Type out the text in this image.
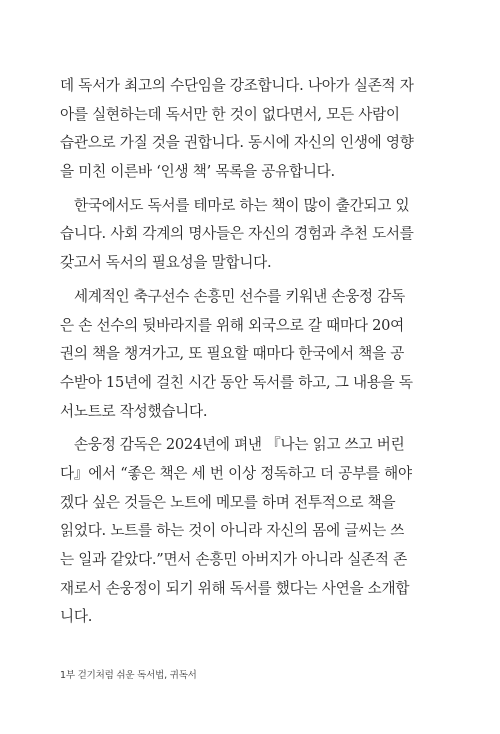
데 독서가 최고의 수단임을 강조합니다. 나아가 실존적 자
아를 실현하는데 독서만 한 것이 없다면서, 모든 사람이
습관으로 가질 것을 권합니다. 동시에 자신의 인생에 영향
을 미친 이른바 ‘인생 책’ 목록을 공유합니다.

한국에서도 독서를 테마로 하는 책이 많이 출간되고 있
습니다. 사회 각계의 명사들은 자신의 경험과 추천 도서를
갖고서 독서의 필요성을 말합니다.

세계적인 축구선수 손흥민 선수를 키워낸 손웅정 감독
은 손 선수의 뒷바라지를 위해 외국으로 갈 때마다 20여
권의 책을 챙겨가고, 또 필요할 때마다 한국에서 책을 공
수받아 15년에 걸친 시간 동안 독서를 하고, 그 내용을 독
서노트로 작성했습니다.

손웅정 감독은 2024년에 펴낸 『나는 읽고 쓰고 버린
다』에서 “좋은 책은 세 번 이상 정독하고 더 공부를 해야
겠다 싶은 것들은 노트에 메모를 하며 전투적으로 책을
읽었다. 노트를 하는 것이 아니라 자신의 몸에 글씨는 쓰
는 일과 같았다.”면서 손흥민 아버지가 아니라 실존적 존
재로서 손웅정이 되기 위해 독서를 했다는 사연을 소개합
니다.

1부 걷기처럼 쉬운 독서법, 귀독서
